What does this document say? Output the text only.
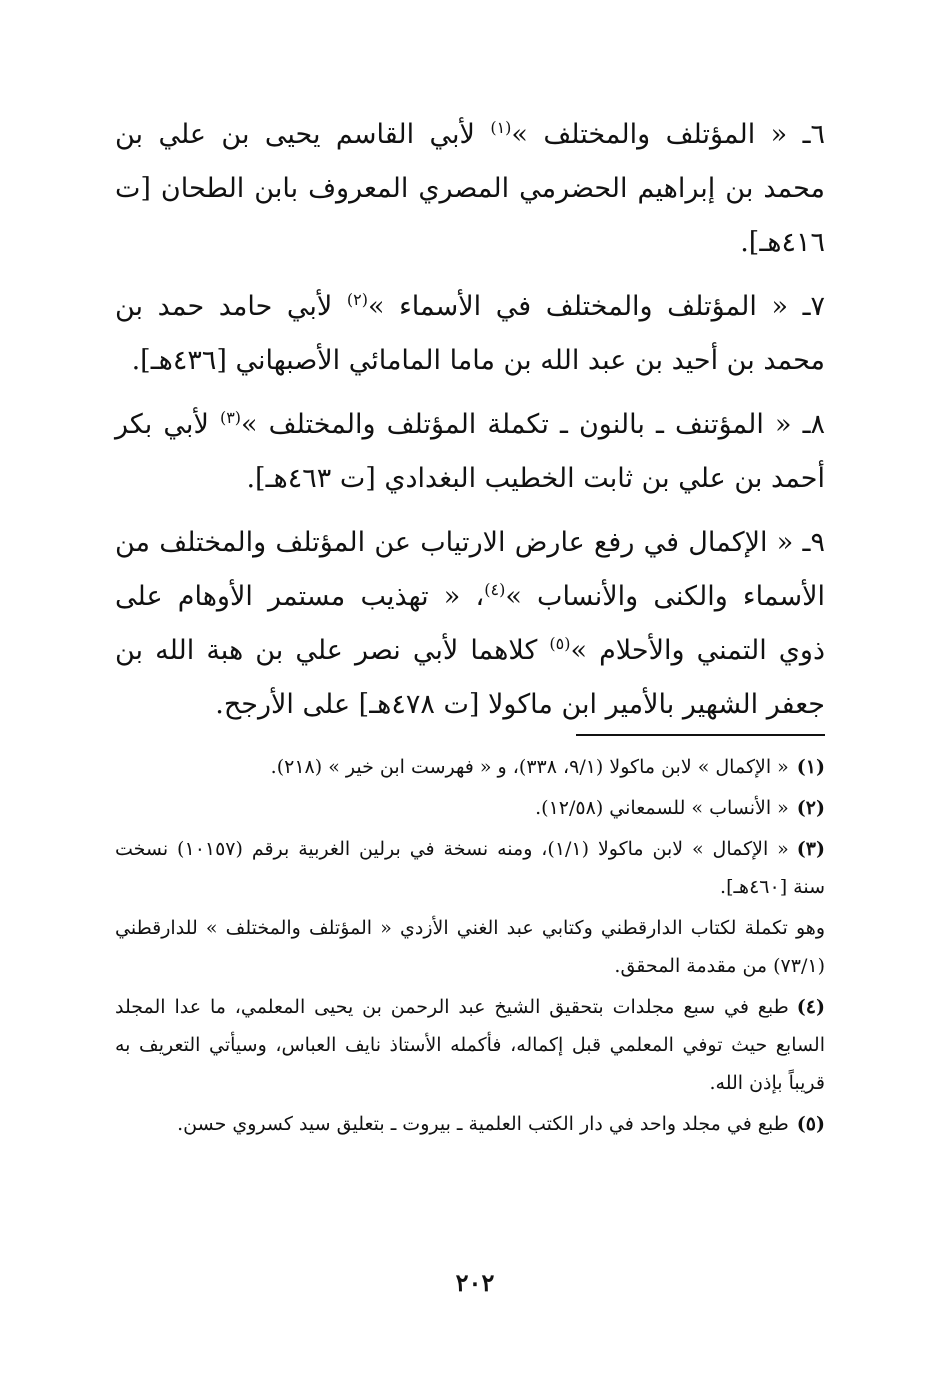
٦ـ « المؤتلف والمختلف »$^{(١)}$ لأبي القاسم يحيى بن علي بن محمد بن إبراهيم الحضرمي المصري المعروف بابن الطحان [ت ٤١٦هـ].

٧ـ « المؤتلف والمختلف في الأسماء »$^{(٢)}$ لأبي حامد حمد بن محمد بن أحيد بن عبد الله بن ماما المامائي الأصبهاني [٤٣٦هـ].

٨ـ « المؤتنف ـ بالنون ـ تكملة المؤتلف والمختلف »$^{(٣)}$ لأبي بكر أحمد بن علي بن ثابت الخطيب البغدادي [ت ٤٦٣هـ].

٩ـ « الإكمال في رفع عارض الارتياب عن المؤتلف والمختلف من الأسماء والكنى والأنساب »$^{(٤)}$، « تهذيب مستمر الأوهام على ذوي التمني والأحلام »$^{(٥)}$ كلاهما لأبي نصر علي بن هبة الله بن جعفر الشهير بالأمير ابن ماكولا [ت ٤٧٨هـ] على الأرجح.

(١)« الإكمال » لابن ماكولا (٩/١، ٣٣٨)، و « فهرست ابن خير » (٢١٨).

(٢)« الأنساب » للسمعاني (١٢/٥٨).

(٣)« الإكمال » لابن ماكولا (١/١)، ومنه نسخة في برلين الغربية برقم (١٠١٥٧) نسخت سنة [٤٦٠هـ].

وهو تكملة لكتاب الدارقطني وكتابي عبد الغني الأزدي « المؤتلف والمختلف » للدارقطني (٧٣/١) من مقدمة المحقق.

(٤)طبع في سبع مجلدات بتحقيق الشيخ عبد الرحمن بن يحيى المعلمي، ما عدا المجلد السابع حيث توفي المعلمي قبل إكماله، فأكمله الأستاذ نايف العباس، وسيأتي التعريف به قريباً بإذن الله.

(٥)طبع في مجلد واحد في دار الكتب العلمية ـ بيروت ـ بتعليق سيد كسروي حسن.

٢٠٢
